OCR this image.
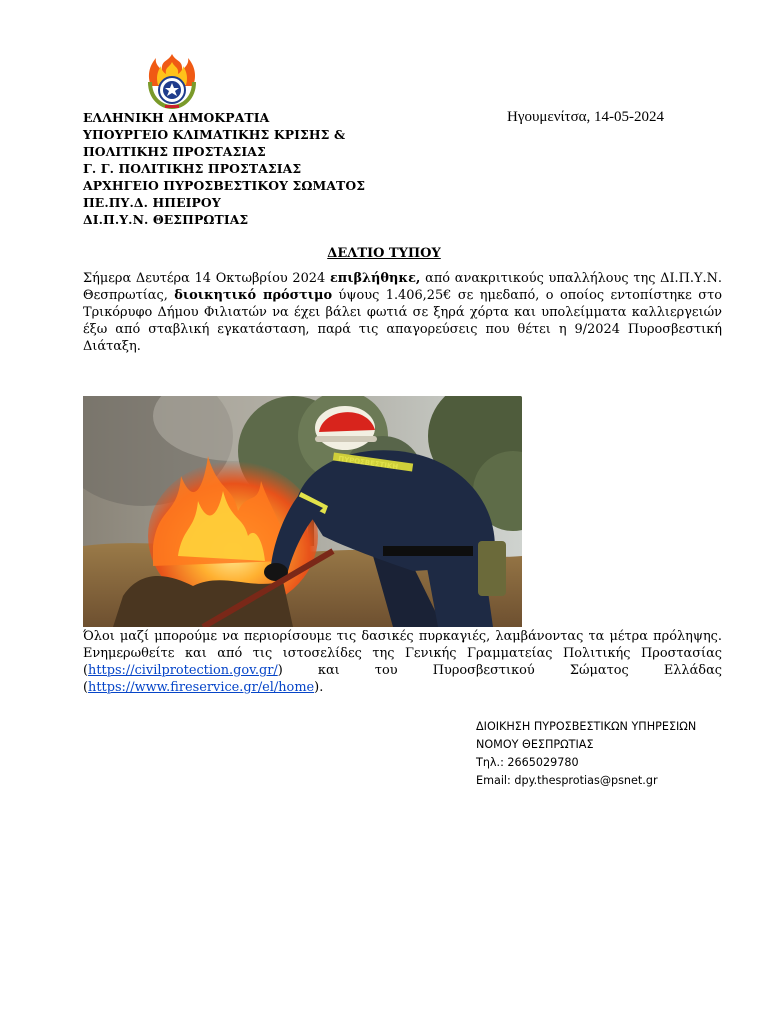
ΕΛΛΗΝΙΚΗ ΔΗΜΟΚΡΑΤΙΑ
ΥΠΟΥΡΓΕΙΟ ΚΛΙΜΑΤΙΚΗΣ ΚΡΙΣΗΣ &
ΠΟΛΙΤΙΚΗΣ ΠΡΟΣΤΑΣΙΑΣ
Γ. Γ. ΠΟΛΙΤΙΚΗΣ ΠΡΟΣΤΑΣΙΑΣ
ΑΡΧΗΓΕΙΟ ΠΥΡΟΣΒΕΣΤΙΚΟΥ ΣΩΜΑΤΟΣ
ΠΕ.ΠΥ.Δ. ΗΠΕΙΡΟΥ
ΔΙ.Π.Υ.Ν. ΘΕΣΠΡΩΤΙΑΣ
Ηγουμενίτσα, 14-05-2024
ΔΕΛΤΙΟ ΤΥΠΟΥ
Σήμερα Δευτέρα 14 Οκτωβρίου 2024 επιβλήθηκε, από ανακριτικούς υπαλλήλους της ΔΙ.Π.Υ.Ν. Θεσπρωτίας, διοικητικό πρόστιμο ύψους 1.406,25€ σε ημεδαπό, ο οποίος εντοπίστηκε στο Τρικόρυφο Δήμου Φιλιατών να έχει βάλει φωτιά σε ξηρά χόρτα και υπολείμματα καλλιεργειών έξω από σταβλική εγκατάσταση, παρά τις απαγορεύσεις που θέτει η 9/2024 Πυροσβεστική Διάταξη.
ΠΥΡΟΣΒΕΣΤΙΚΗ
Όλοι μαζί μπορούμε να περιορίσουμε τις δασικές πυρκαγιές, λαμβάνοντας τα μέτρα πρόληψης. Ενημερωθείτε και από τις ιστοσελίδες της Γενικής Γραμματείας Πολιτικής Προστασίας (https://civilprotection.gov.gr/) και του Πυροσβεστικού Σώματος Ελλάδας (https://www.fireservice.gr/el/home).
ΔΙΟΙΚΗΣΗ ΠΥΡΟΣΒΕΣΤΙΚΩΝ ΥΠΗΡΕΣΙΩΝ
ΝΟΜΟΥ ΘΕΣΠΡΩΤΙΑΣ
Τηλ.: 2665029780
Email: dpy.thesprotias@psnet.gr
